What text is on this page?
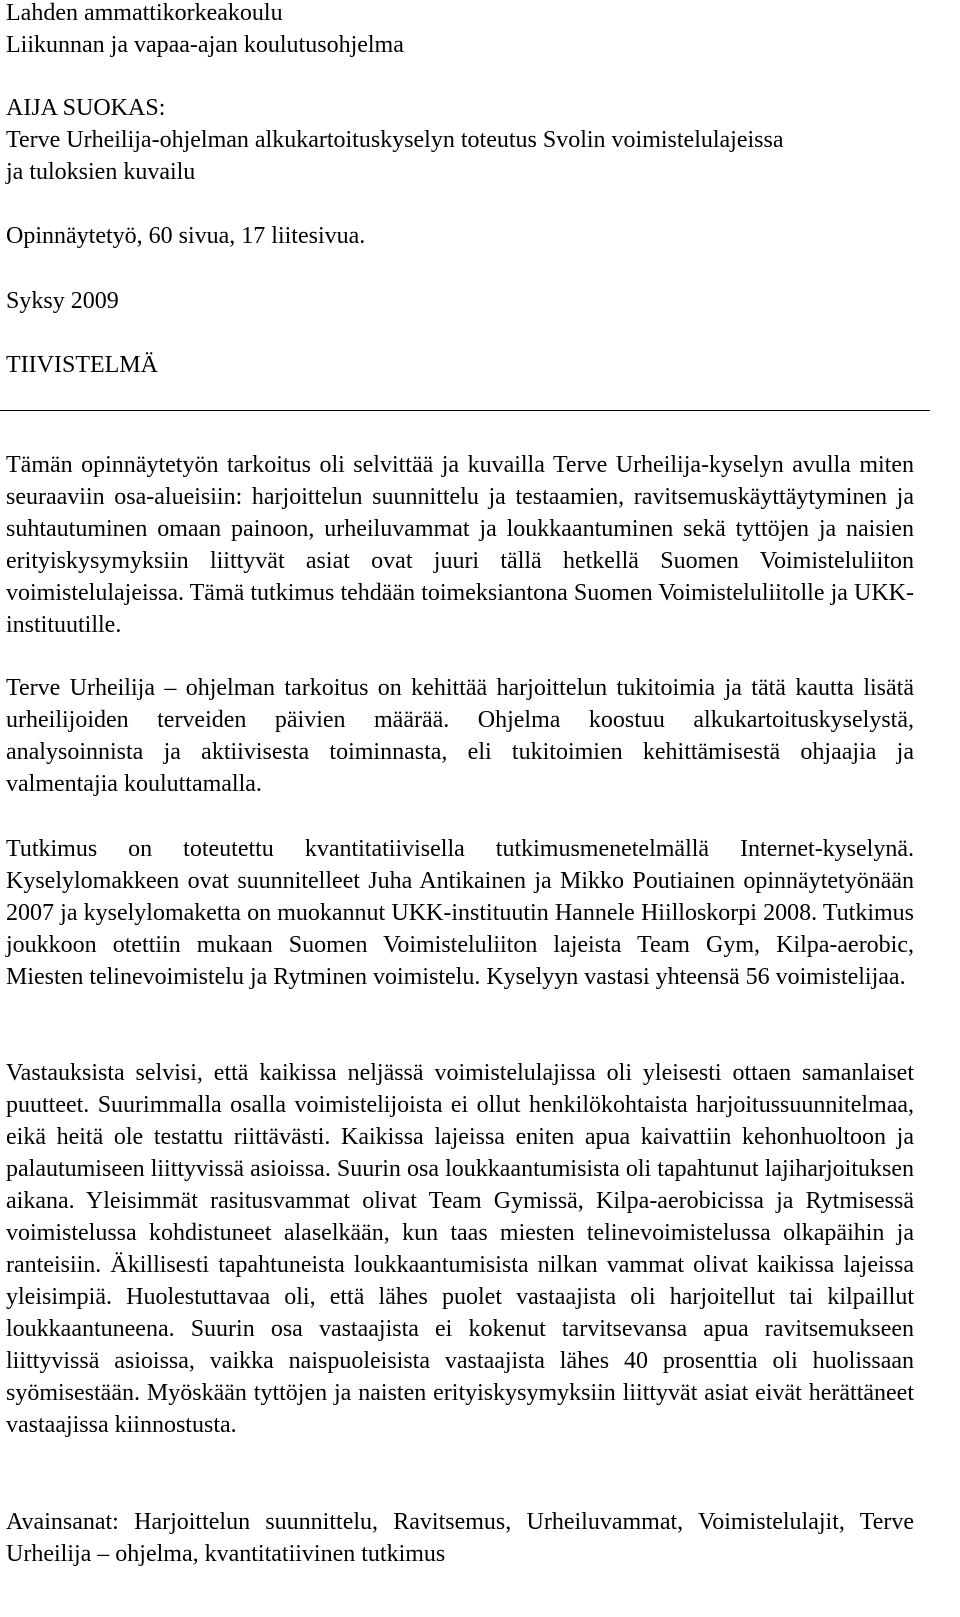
Lahden ammattikorkeakoulu
Liikunnan ja vapaa-ajan koulutusohjelma
AIJA SUOKAS:
Terve Urheilija-ohjelman alkukartoituskyselyn toteutus Svolin voimistelulajeissa
ja tuloksien kuvailu
Opinnäytetyö, 60 sivua, 17 liitesivua.
Syksy 2009
TIIVISTELMÄ
Tämän opinnäytetyön tarkoitus oli selvittää ja kuvailla Terve Urheilija-kyselyn avulla miten seuraaviin osa-alueisiin: harjoittelun suunnittelu ja testaamien, ravitsemuskäyttäytyminen ja suhtautuminen omaan painoon, urheiluvammat ja loukkaantuminen sekä tyttöjen ja naisien erityiskysymyksiin liittyvät asiat ovat juuri tällä hetkellä Suomen Voimisteluliiton voimistelulajeissa. Tämä tutkimus tehdään toimeksiantona Suomen Voimisteluliitolle ja UKK-instituutille.
Terve Urheilija – ohjelman tarkoitus on kehittää harjoittelun tukitoimia ja tätä kautta lisätä urheilijoiden terveiden päivien määrää. Ohjelma koostuu alkukartoituskyselystä, analysoinnista ja aktiivisesta toiminnasta, eli tukitoimien kehittämisestä ohjaajia ja valmentajia kouluttamalla.
Tutkimus on toteutettu kvantitatiivisella tutkimusmenetelmällä Internet-kyselynä. Kyselylomakkeen ovat suunnitelleet Juha Antikainen ja Mikko Poutiainen opinnäytetyönään 2007 ja kyselylomaketta on muokannut UKK-instituutin Hannele Hiilloskorpi 2008. Tutkimus joukkoon otettiin mukaan Suomen Voimisteluliiton lajeista Team Gym, Kilpa-aerobic, Miesten telinevoimistelu ja Rytminen voimistelu. Kyselyyn vastasi yhteensä 56 voimistelijaa.
Vastauksista selvisi, että kaikissa neljässä voimistelulajissa oli yleisesti ottaen samanlaiset puutteet. Suurimmalla osalla voimistelijoista ei ollut henkilökohtaista harjoitussuunnitelmaa, eikä heitä ole testattu riittävästi. Kaikissa lajeissa eniten apua kaivattiin kehonhuoltoon ja palautumiseen liittyvissä asioissa. Suurin osa loukkaantumisista oli tapahtunut lajiharjoituksen aikana. Yleisimmät rasitusvammat olivat Team Gymissä, Kilpa-aerobicissa ja Rytmisessä voimistelussa kohdistuneet alaselkään, kun taas miesten telinevoimistelussa olkapäihin ja ranteisiin. Äkillisesti tapahtuneista loukkaantumisista nilkan vammat olivat kaikissa lajeissa yleisimpiä. Huolestuttavaa oli, että lähes puolet vastaajista oli harjoitellut tai kilpaillut loukkaantuneena. Suurin osa vastaajista ei kokenut tarvitsevansa apua ravitsemukseen liittyvissä asioissa, vaikka naispuoleisista vastaajista lähes 40 prosenttia oli huolissaan syömisestään. Myöskään tyttöjen ja naisten erityiskysymyksiin liittyvät asiat eivät herättäneet vastaajissa kiinnostusta.
Avainsanat: Harjoittelun suunnittelu, Ravitsemus, Urheiluvammat, Voimistelulajit, Terve Urheilija – ohjelma, kvantitatiivinen tutkimus
